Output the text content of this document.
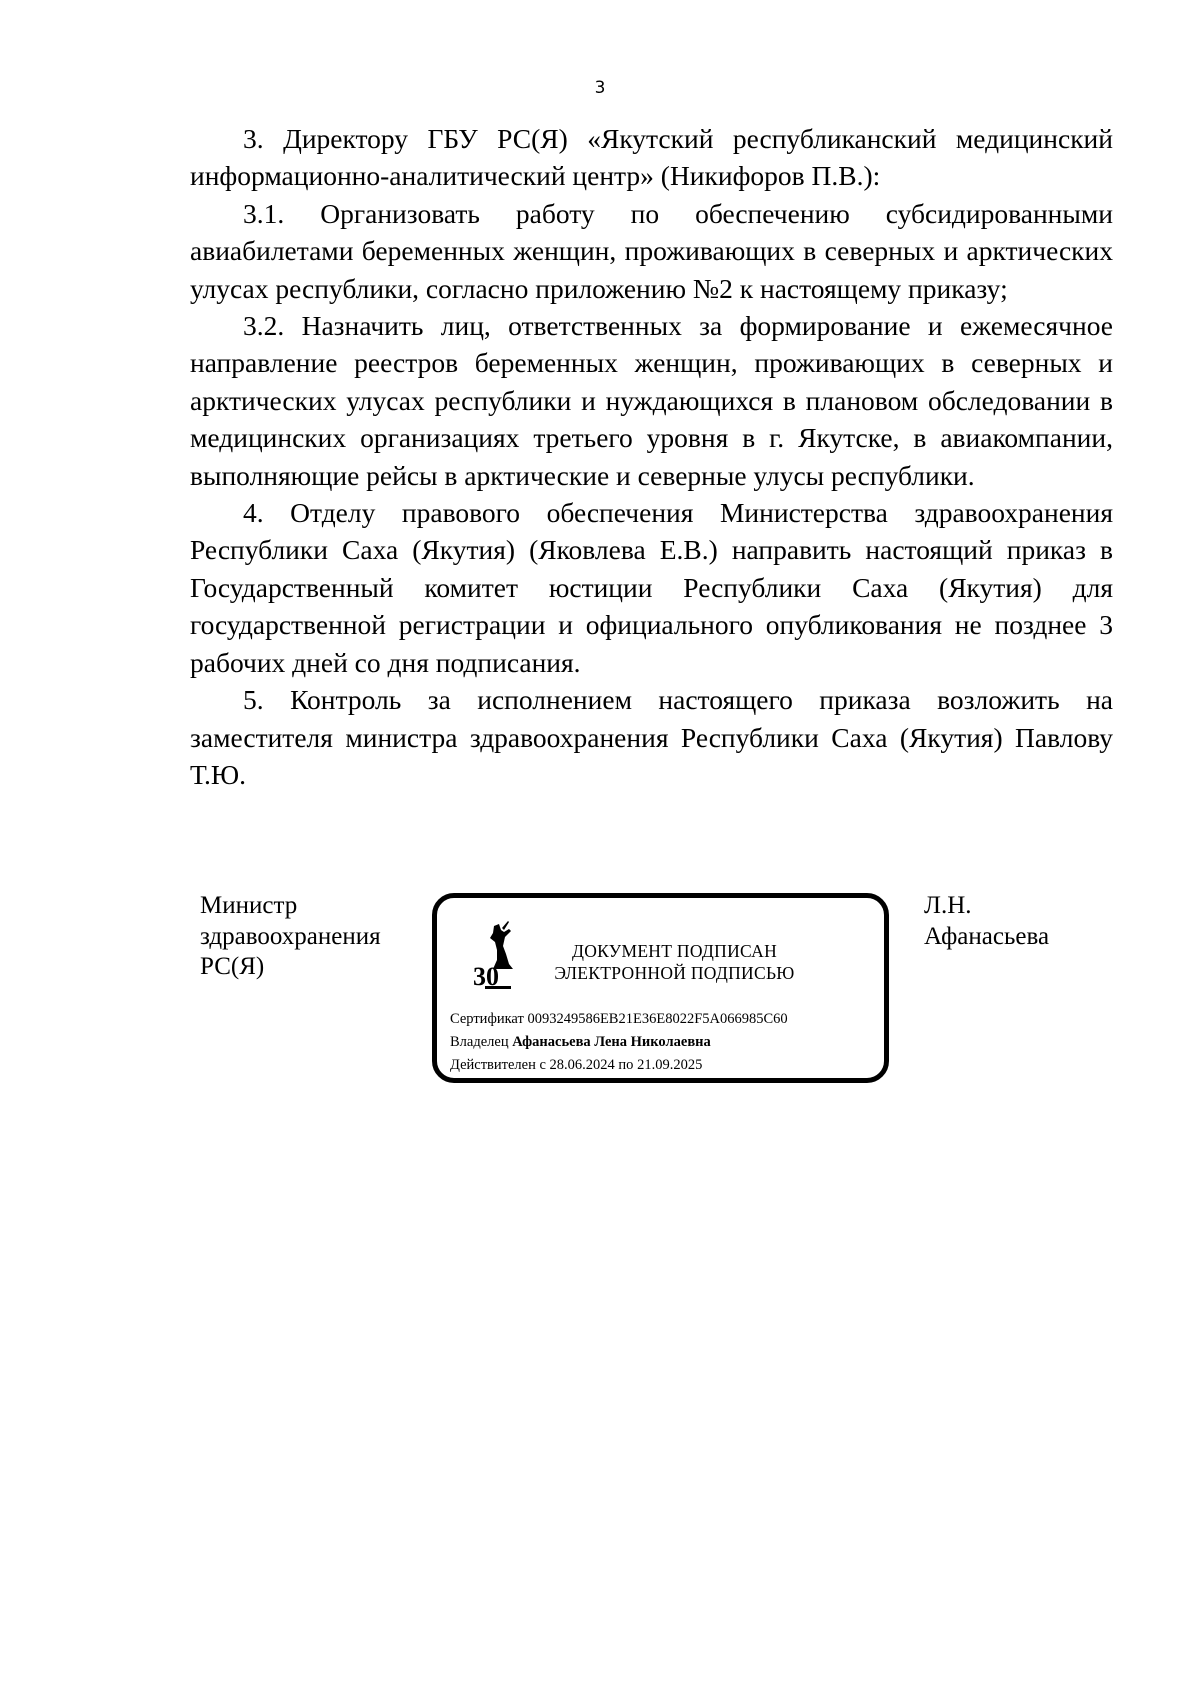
3

3. Директору ГБУ РС(Я) «Якутский республиканский медицинский информационно-аналитический центр» (Никифоров П.В.):

3.1. Организовать работу по обеспечению субсидированными авиабилетами беременных женщин, проживающих в северных и арктических улусах республики, согласно приложению №2 к настоящему приказу;

3.2. Назначить лиц, ответственных за формирование и ежемесячное направление реестров беременных женщин, проживающих в северных и арктических улусах республики и нуждающихся в плановом обследовании в медицинских организациях третьего уровня в г. Якутске, в авиакомпании, выполняющие рейсы в арктические и северные улусы республики.

4. Отделу правового обеспечения Министерства здравоохранения Республики Саха (Якутия) (Яковлева Е.В.) направить настоящий приказ в Государственный комитет юстиции Республики Саха (Якутия) для государственной регистрации и официального опубликования не позднее 3 рабочих дней со дня подписания.

5. Контроль за исполнением настоящего приказа возложить на заместителя министра здравоохранения Республики Саха (Якутия) Павлову Т.Ю.

Министр здравоохранения РС(Я)
Л.Н. Афанасьева
30
ДОКУМЕНТ ПОДПИСАН
ЭЛЕКТРОННОЙ ПОДПИСЬЮ
Сертификат 0093249586EB21E36E8022F5A066985C60
Владелец Афанасьева Лена Николаевна
Действителен с 28.06.2024 по 21.09.2025
